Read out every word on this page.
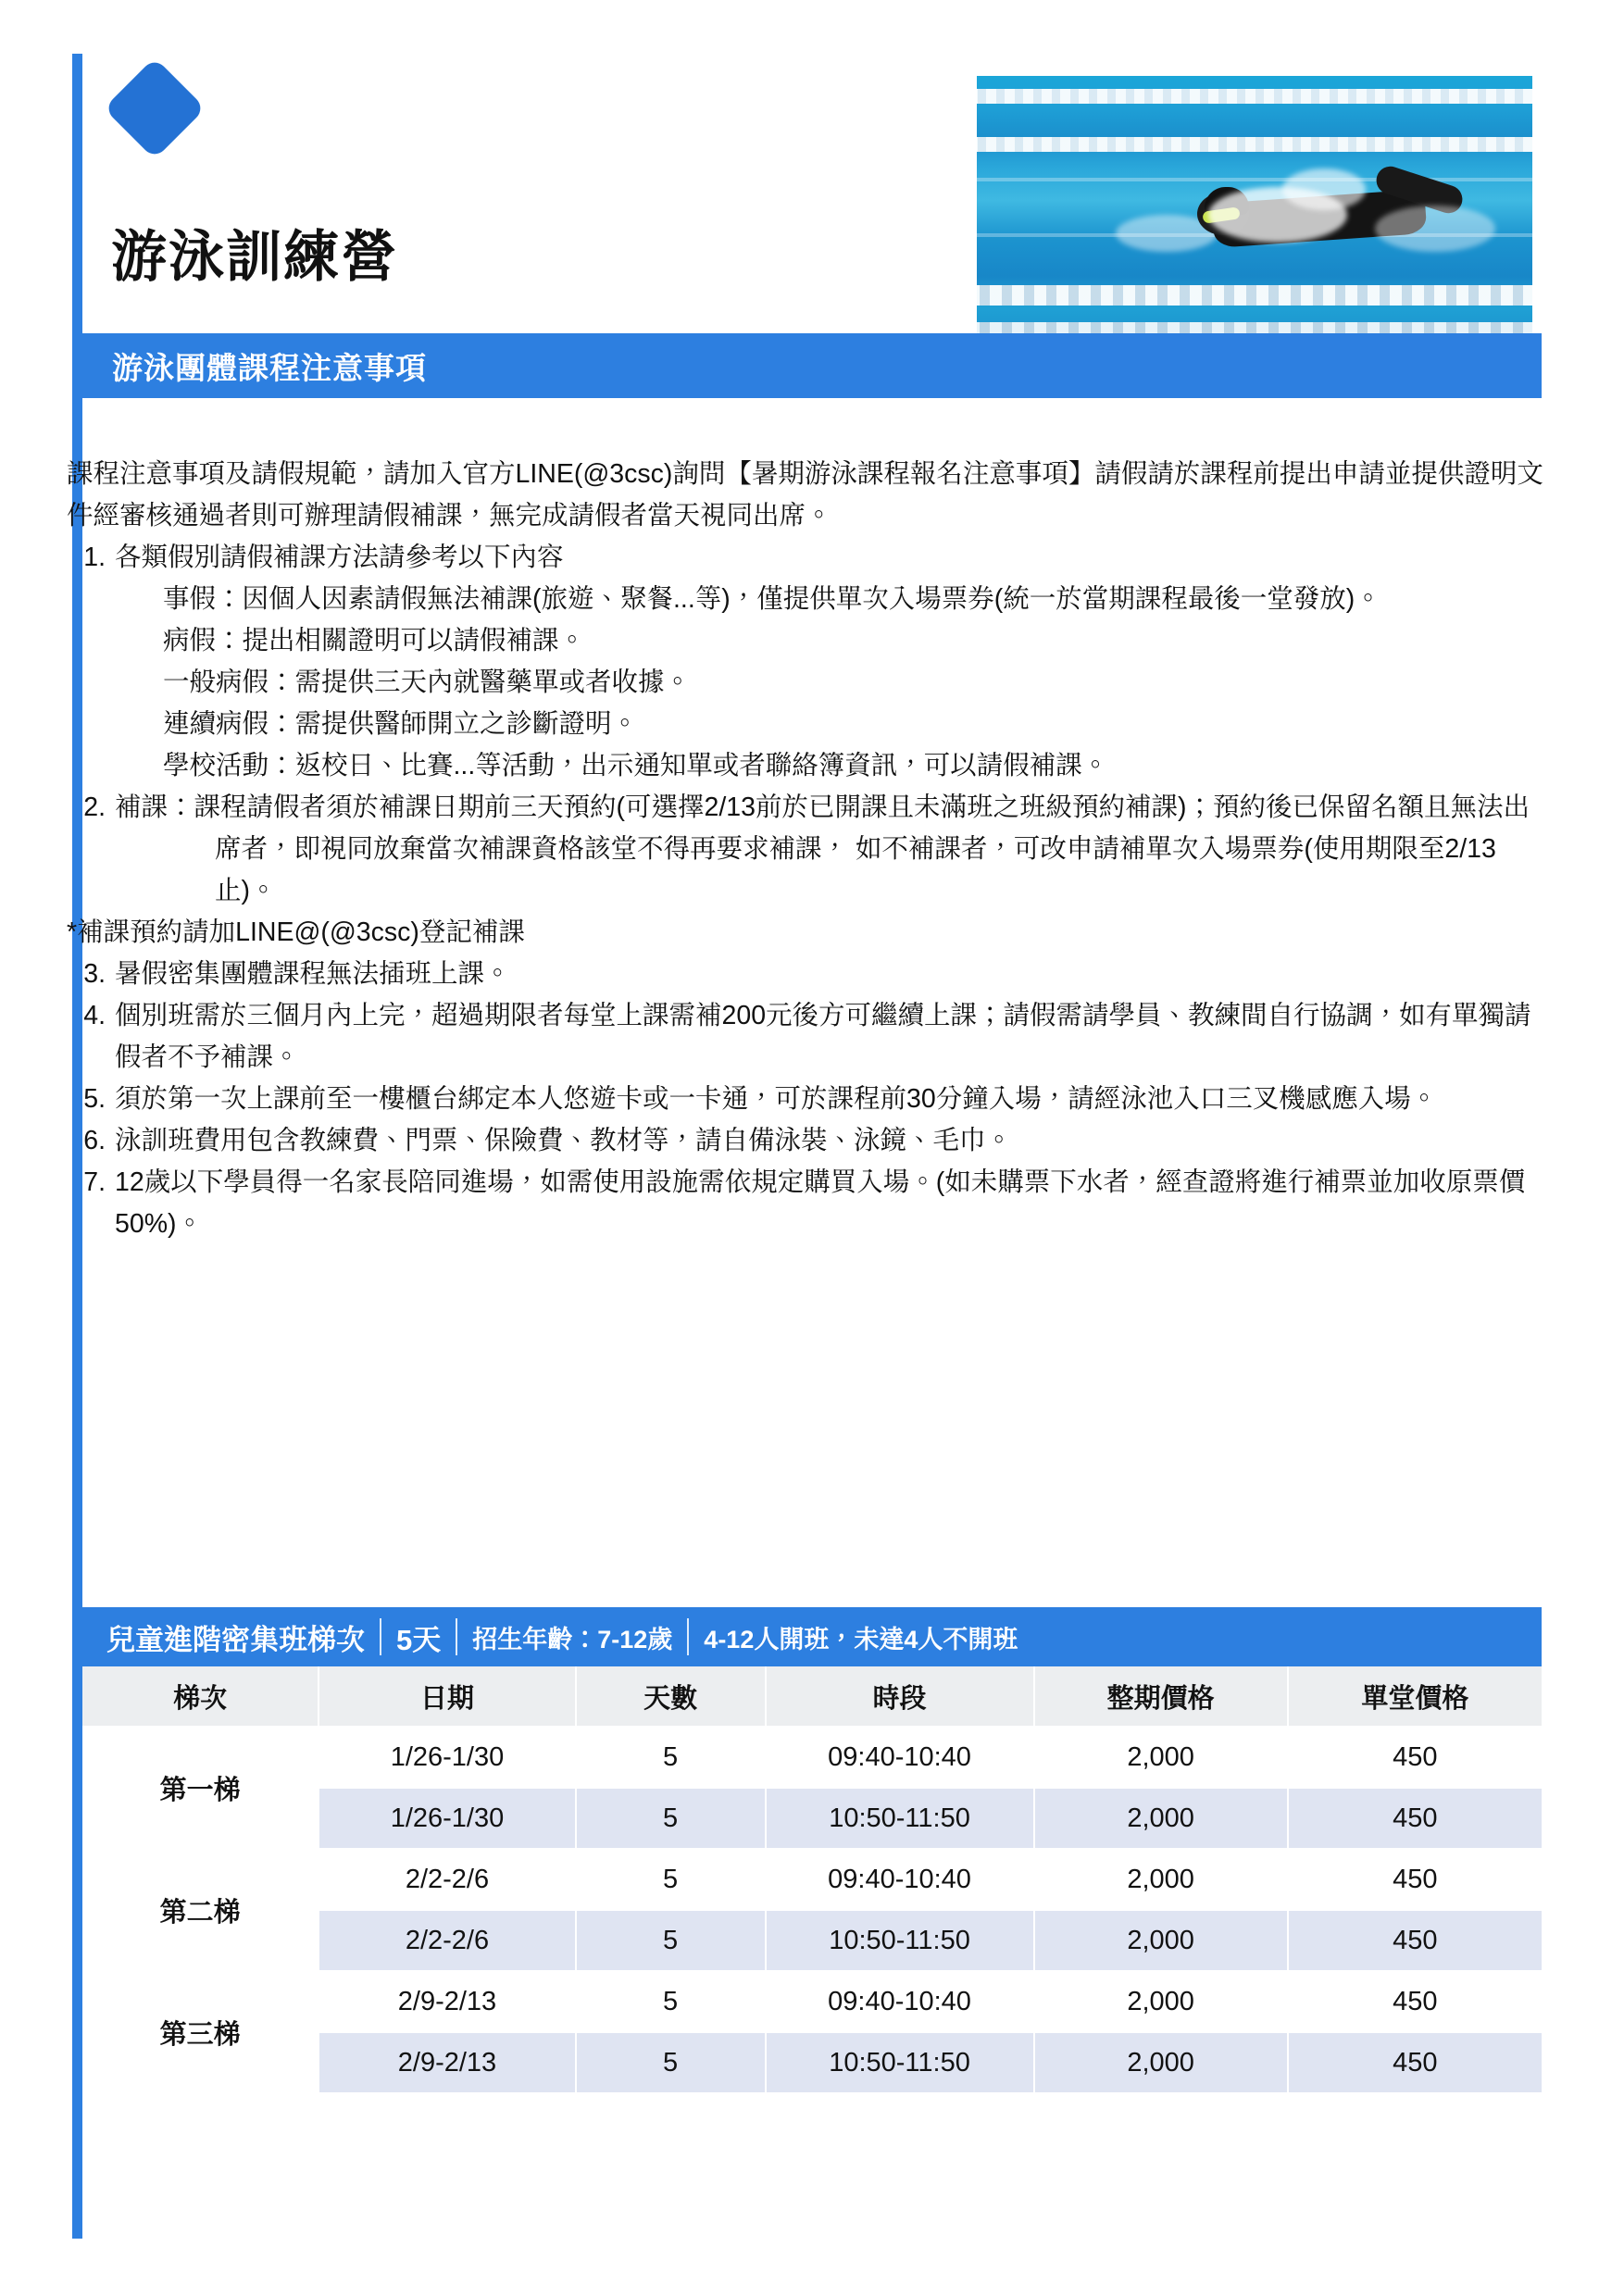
游泳訓練營
游泳團體課程注意事項
課程注意事項及請假規範，請加入官方LINE(@3csc)詢問【暑期游泳課程報名注意事項】請假請於課程前提出申請並提供證明文件經審核通過者則可辦理請假補課，無完成請假者當天視同出席。
1. 各類假別請假補課方法請參考以下內容
事假：因個人因素請假無法補課(旅遊、聚餐...等)，僅提供單次入場票券(統一於當期課程最後一堂發放)。
病假：提出相關證明可以請假補課。
一般病假：需提供三天內就醫藥單或者收據。
連續病假：需提供醫師開立之診斷證明。
學校活動：返校日、比賽...等活動，出示通知單或者聯絡簿資訊，可以請假補課。
2. 補課：課程請假者須於補課日期前三天預約(可選擇2/13前於已開課且未滿班之班級預約補課)；預約後已保留名額且無法出席者，即視同放棄當次補課資格該堂不得再要求補課， 如不補課者，可改申請補單次入場票券(使用期限至2/13止)。
*補課預約請加LINE@(@3csc)登記補課
3. 暑假密集團體課程無法插班上課。
4. 個別班需於三個月內上完，超過期限者每堂上課需補200元後方可繼續上課；請假需請學員、教練間自行協調，如有單獨請假者不予補課。
5. 須於第一次上課前至一樓櫃台綁定本人悠遊卡或一卡通，可於課程前30分鐘入場，請經泳池入口三叉機感應入場。
6. 泳訓班費用包含教練費、門票、保險費、教材等，請自備泳裝、泳鏡、毛巾。
7. 12歲以下學員得一名家長陪同進場，如需使用設施需依規定購買入場。(如未購票下水者，經查證將進行補票並加收原票價50%)。
兒童進階密集班梯次	5天	招生年齡：7-12歲	4-12人開班，未達4人不開班
梯次	日期	天數	時段	整期價格	單堂價格
第一梯	1/26-1/30	5	09:40-10:40	2,000	450
	1/26-1/30	5	10:50-11:50	2,000	450
第二梯	2/2-2/6	5	09:40-10:40	2,000	450
	2/2-2/6	5	10:50-11:50	2,000	450
第三梯	2/9-2/13	5	09:40-10:40	2,000	450
	2/9-2/13	5	10:50-11:50	2,000	450
